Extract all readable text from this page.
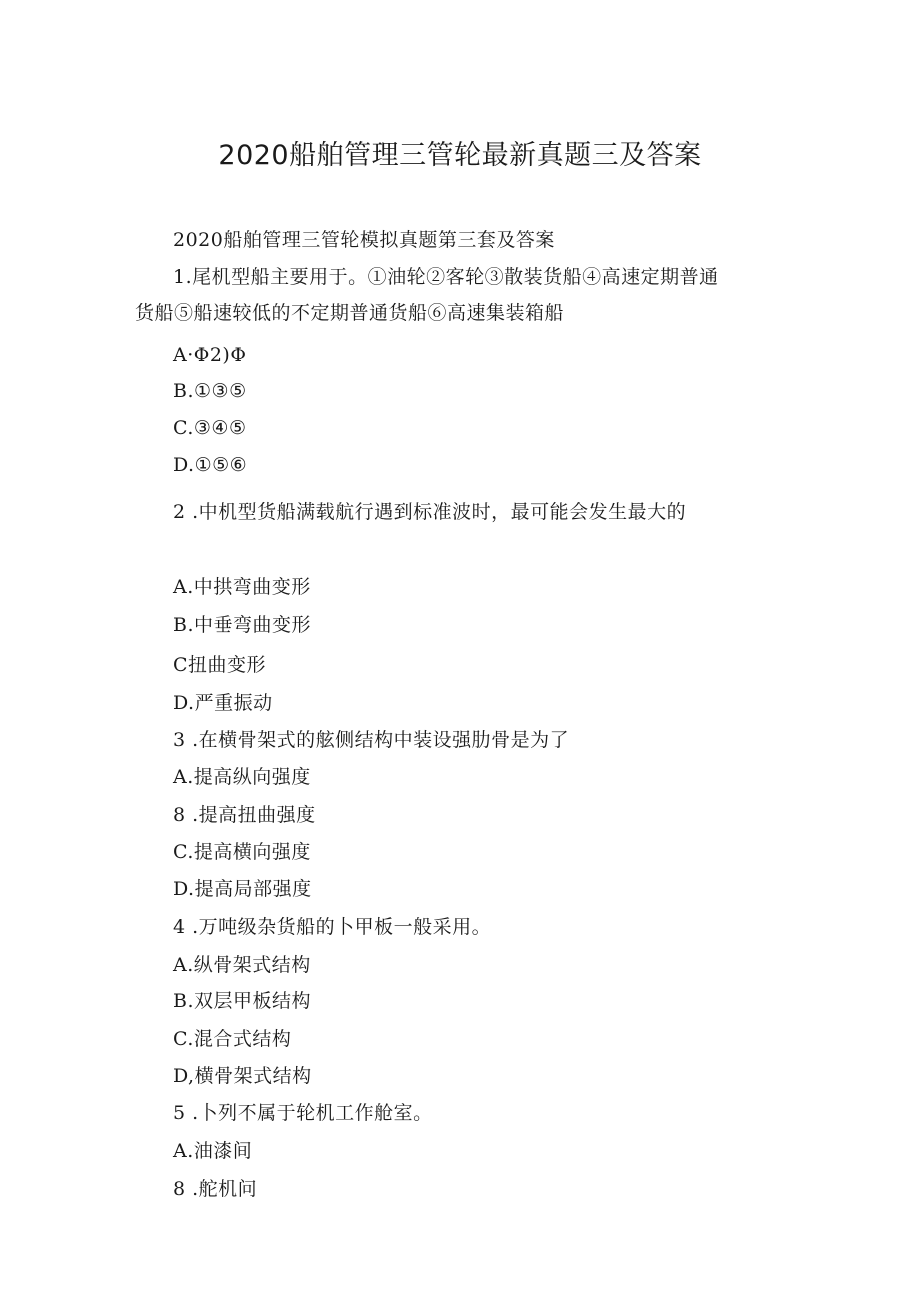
2020船舶管理三管轮最新真题三及答案
2020船舶管理三管轮模拟真题第三套及答案
1.尾机型船主要用于。①油轮②客轮③散装货船④高速定期普通
货船⑤船速较低的不定期普通货船⑥高速集装箱船
A·Φ2)Φ
B.①③⑤
C.③④⑤
D.①⑤⑥
2 .中机型货船满载航行遇到标准波时，最可能会发生最大的
A.中拱弯曲变形
B.中垂弯曲变形
C扭曲变形
D.严重振动
3 .在横骨架式的舷侧结构中装设强肋骨是为了
A.提高纵向强度
8 .提高扭曲强度
C.提高横向强度
D.提高局部强度
4 .万吨级杂货船的卜甲板一般采用。
A.纵骨架式结构
B.双层甲板结构
C.混合式结构
D,横骨架式结构
5 .卜列不属于轮机工作舱室。
A.油漆间
8 .舵机问
